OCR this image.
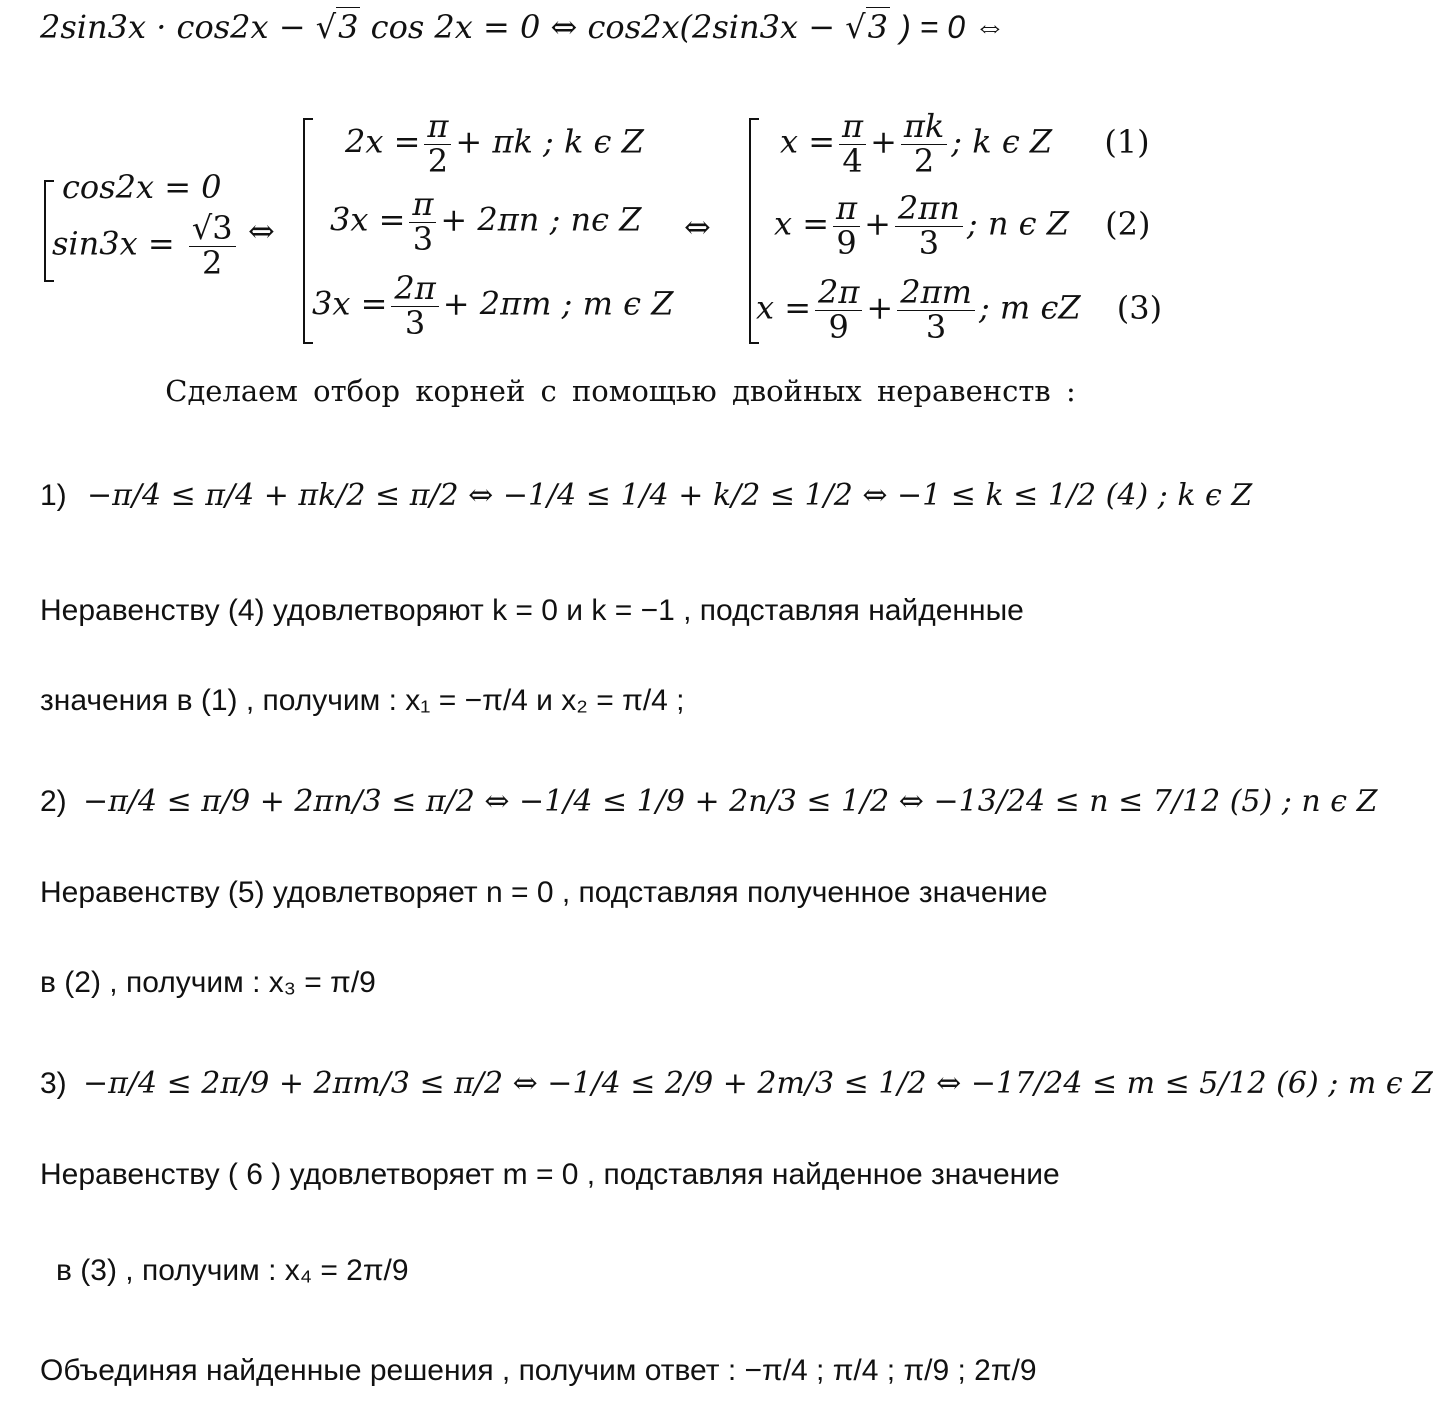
2sin3x · cos2x − √3 cos 2x = 0 ⇔ cos2x(2sin3x − √3 ) = 0 ⇔
cos2x = 0
$\sin 3x = \frac{√3}{2}$ ⇔
$2x = \frac{\pi}{2} + \pi k$ ; k ϵ Z
$3x = \frac{\pi}{3} + 2\pi n$ ; nϵ Z
$3x = \frac{2\pi}{3} + 2\pi m$ ; m ϵ Z
⇔
$x = \frac{\pi}{4} + \frac{\pi k}{2}$ ; k ϵ Z (1)
$x = \frac{\pi}{9} + \frac{2\pi n}{3}$ ; n ϵ Z (2)
$x = \frac{2\pi}{9} + \frac{2\pi m}{3}$ ; m ϵZ (3)
Сделаем отбор корней с помощью двойных неравенств :
1) −π/4 ≤ π/4 + πk/2 ≤ π/2 ⇔ −1/4 ≤ 1/4 + k/2 ≤ 1/2 ⇔ −1 ≤ k ≤ 1/2 (4) ; k ϵ Z
Неравенству (4) удовлетворяют k = 0 и k = −1 , подставляя найденные
значения в (1) , получим : x₁ = −π/4 и x₂ = π/4 ;
2) −π/4 ≤ π/9 + 2πn/3 ≤ π/2 ⇔ −1/4 ≤ 1/9 + 2n/3 ≤ 1/2 ⇔ −13/24 ≤ n ≤ 7/12 (5) ; n ϵ Z
Неравенству (5) удовлетворяет n = 0 , подставляя полученное значение
в (2) , получим : x₃ = π/9
3) −π/4 ≤ 2π/9 + 2πm/3 ≤ π/2 ⇔ −1/4 ≤ 2/9 + 2m/3 ≤ 1/2 ⇔ −17/24 ≤ m ≤ 5/12 (6) ; m ϵ Z
Неравенству ( 6 ) удовлетворяет m = 0 , подставляя найденное значение
в (3) , получим : x₄ = 2π/9
Объединяя найденные решения , получим ответ : −π/4 ; π/4 ; π/9 ; 2π/9
